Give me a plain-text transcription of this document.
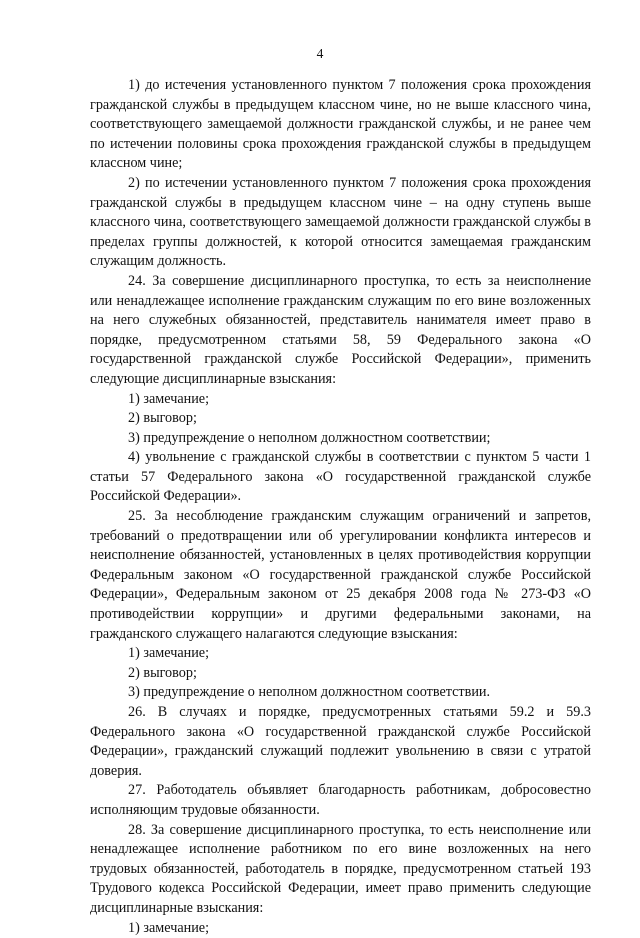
4

1) до истечения установленного пунктом 7 положения срока прохождения гражданской службы в предыдущем классном чине, но не выше классного чина, соответствующего замещаемой должности гражданской службы, и не ранее чем по истечении половины срока прохождения гражданской службы в предыдущем классном чине;

2) по истечении установленного пунктом 7 положения срока прохождения гражданской службы в предыдущем классном чине – на одну ступень выше классного чина, соответствующего замещаемой должности гражданской службы в пределах группы должностей, к которой относится замещаемая гражданским служащим должность.

24. За совершение дисциплинарного проступка, то есть за неисполнение или ненадлежащее исполнение гражданским служащим по его вине возложенных на него служебных обязанностей, представитель нанимателя имеет право в порядке, предусмотренном статьями 58, 59 Федерального закона «О государственной гражданской службе Российской Федерации», применить следующие дисциплинарные взыскания:

1) замечание;

2) выговор;

3) предупреждение о неполном должностном соответствии;

4) увольнение с гражданской службы в соответствии с пунктом 5 части 1 статьи 57 Федерального закона «О государственной гражданской службе Российской Федерации».

25. За несоблюдение гражданским служащим ограничений и запретов, требований о предотвращении или об урегулировании конфликта интересов и неисполнение обязанностей, установленных в целях противодействия коррупции Федеральным законом «О государственной гражданской службе Российской Федерации», Федеральным законом от 25 декабря 2008 года № 273-ФЗ «О противодействии коррупции» и другими федеральными законами, на гражданского служащего налагаются следующие взыскания:

1) замечание;

2) выговор;

3) предупреждение о неполном должностном соответствии.

26. В случаях и порядке, предусмотренных статьями 59.2 и 59.3 Федерального закона «О государственной гражданской службе Российской Федерации», гражданский служащий подлежит увольнению в связи с утратой доверия.

27. Работодатель объявляет благодарность работникам, добросовестно исполняющим трудовые обязанности.

28. За совершение дисциплинарного проступка, то есть неисполнение или ненадлежащее исполнение работником по его вине возложенных на него трудовых обязанностей, работодатель в порядке, предусмотренном статьей 193 Трудового кодекса Российской Федерации, имеет право применить следующие дисциплинарные взыскания:

1) замечание;
